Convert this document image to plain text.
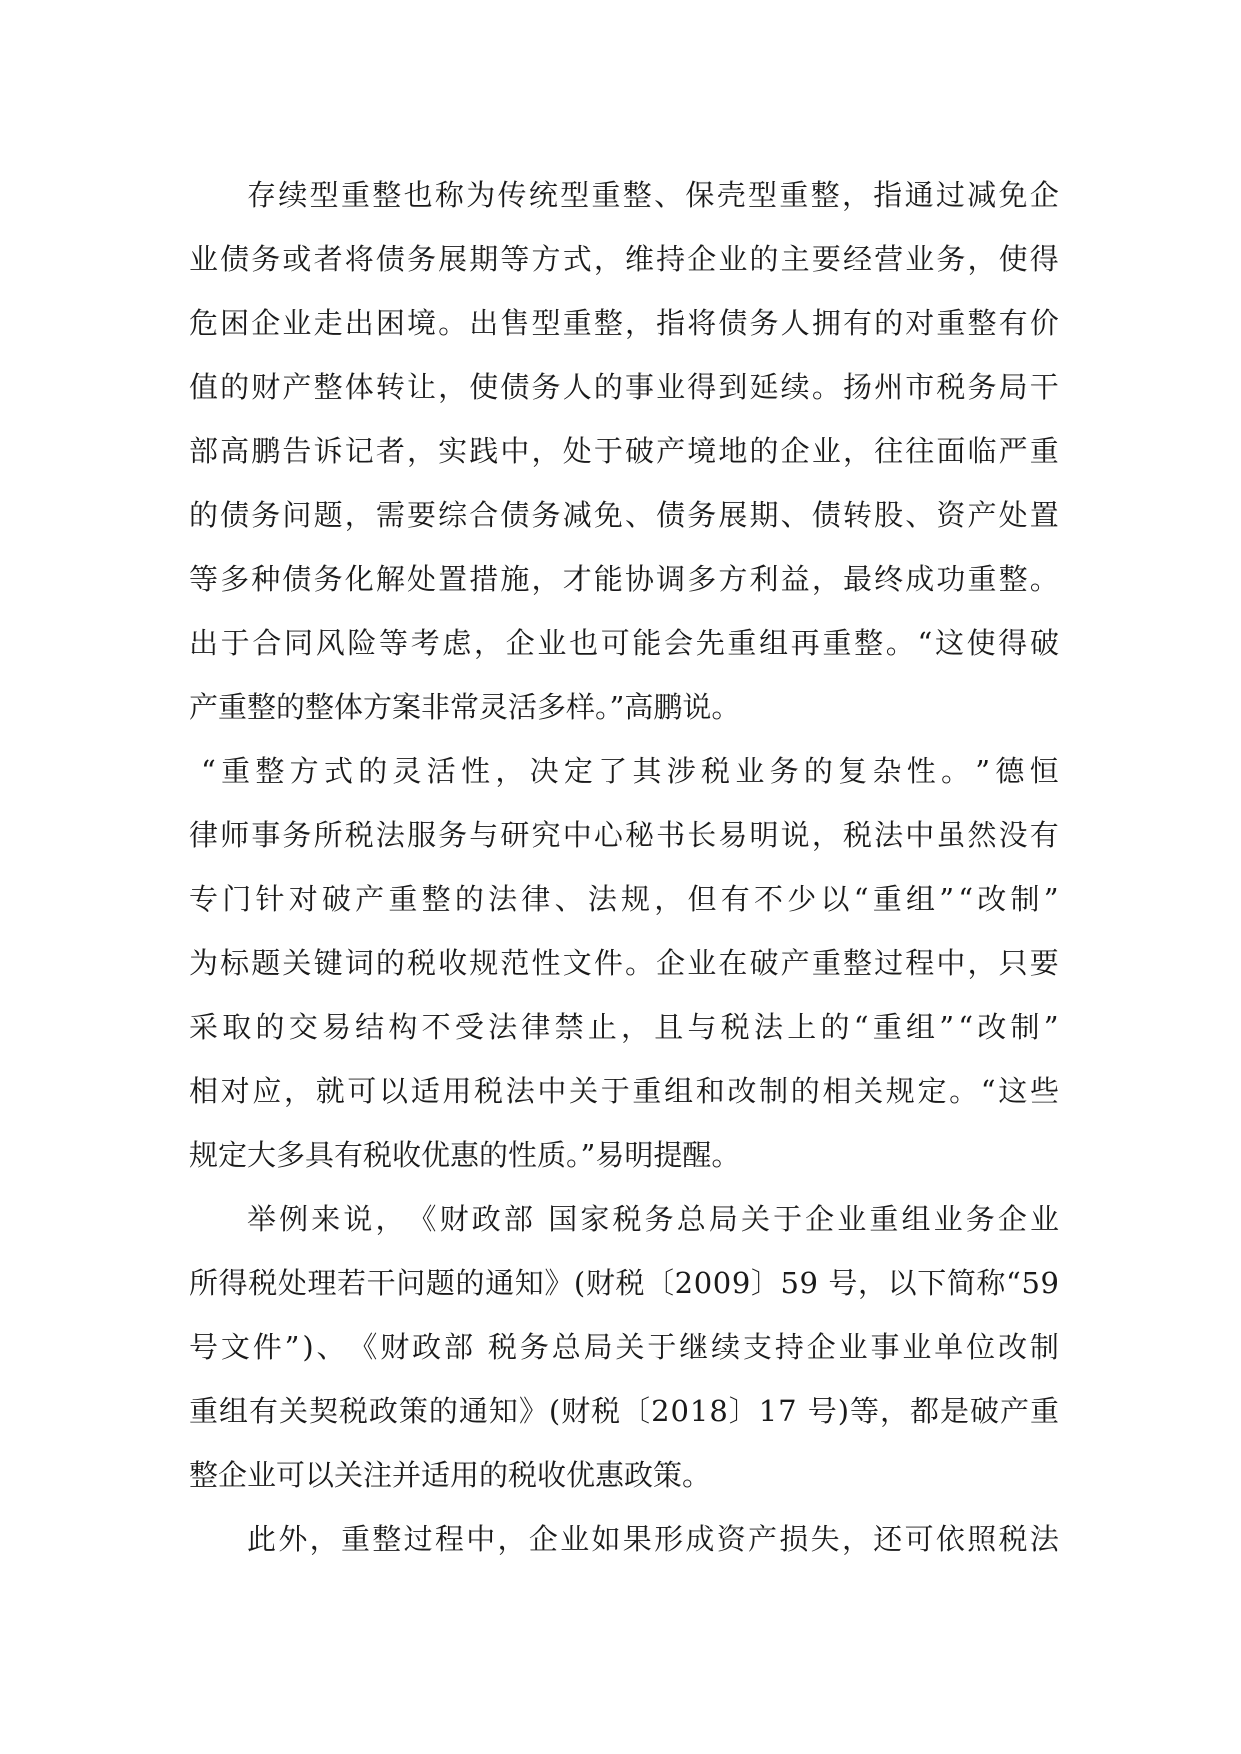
存 续 型 重 整 也 称 为 传 统 型 重 整 、 保 壳 型 重 整 ， 指 通 过 减 免 企
业 债 务 或 者 将 债 务 展 期 等 方 式 ， 维 持 企 业 的 主 要 经 营 业 务 ， 使 得
危 困 企 业 走 出 困 境 。 出 售 型 重 整 ， 指 将 债 务 人 拥 有 的 对 重 整 有 价
值 的 财 产 整 体 转 让 ， 使 债 务 人 的 事 业 得 到 延 续 。 扬 州 市 税 务 局 干
部 高 鹏 告 诉 记 者 ， 实 践 中 ， 处 于 破 产 境 地 的 企 业 ， 往 往 面 临 严 重
的 债 务 问 题 ， 需 要 综 合 债 务 减 免 、 债 务 展 期 、 债 转 股 、 资 产 处 置
等 多 种 债 务 化 解 处 置 措 施 ， 才 能 协 调 多 方 利 益 ， 最 终 成 功 重 整 。
出 于 合 同 风 险 等 考 虑 ， 企 业 也 可 能 会 先 重 组 再 重 整 。 “ 这 使 得 破
产重整的整体方案非常灵活多样。”高鹏说。
“ 重 整 方 式 的 灵 活 性 ， 决 定 了 其 涉 税 业 务 的 复 杂 性 。 ” 德 恒
律 师 事 务 所 税 法 服 务 与 研 究 中 心 秘 书 长 易 明 说 ， 税 法 中 虽 然 没 有
专 门 针 对 破 产 重 整 的 法 律 、 法 规 ， 但 有 不 少 以 “ 重 组 ” “ 改 制 ”
为 标 题 关 键 词 的 税 收 规 范 性 文 件 。 企 业 在 破 产 重 整 过 程 中 ， 只 要
采 取 的 交 易 结 构 不 受 法 律 禁 止 ， 且 与 税 法 上 的 “ 重 组 ” “ 改 制 ”
相 对 应 ， 就 可 以 适 用 税 法 中 关 于 重 组 和 改 制 的 相 关 规 定 。 “ 这 些
规定大多具有税收优惠的性质。”易明提醒。
举 例 来 说 ， 《 财 政 部
国 家 税 务 总 局 关 于 企 业 重 组 业 务 企 业
所 得 税 处 理 若 干 问 题 的 通 知 》 ( 财 税 〔 2 0 0 9 〕 5 9
号 ， 以 下 简 称 “ 5 9
号 文 件 ” ) 、 《 财 政 部
税 务 总 局 关 于 继 续 支 持 企 业 事 业 单 位 改 制
重 组 有 关 契 税 政 策 的 通 知 》 ( 财 税 〔 2 0 1 8 〕 1 7
号 ) 等 ， 都 是 破 产 重
整企业可以关注并适用的税收优惠政策。
此 外 ， 重 整 过 程 中 ， 企 业 如 果 形 成 资 产 损 失 ， 还 可 依 照 税 法
